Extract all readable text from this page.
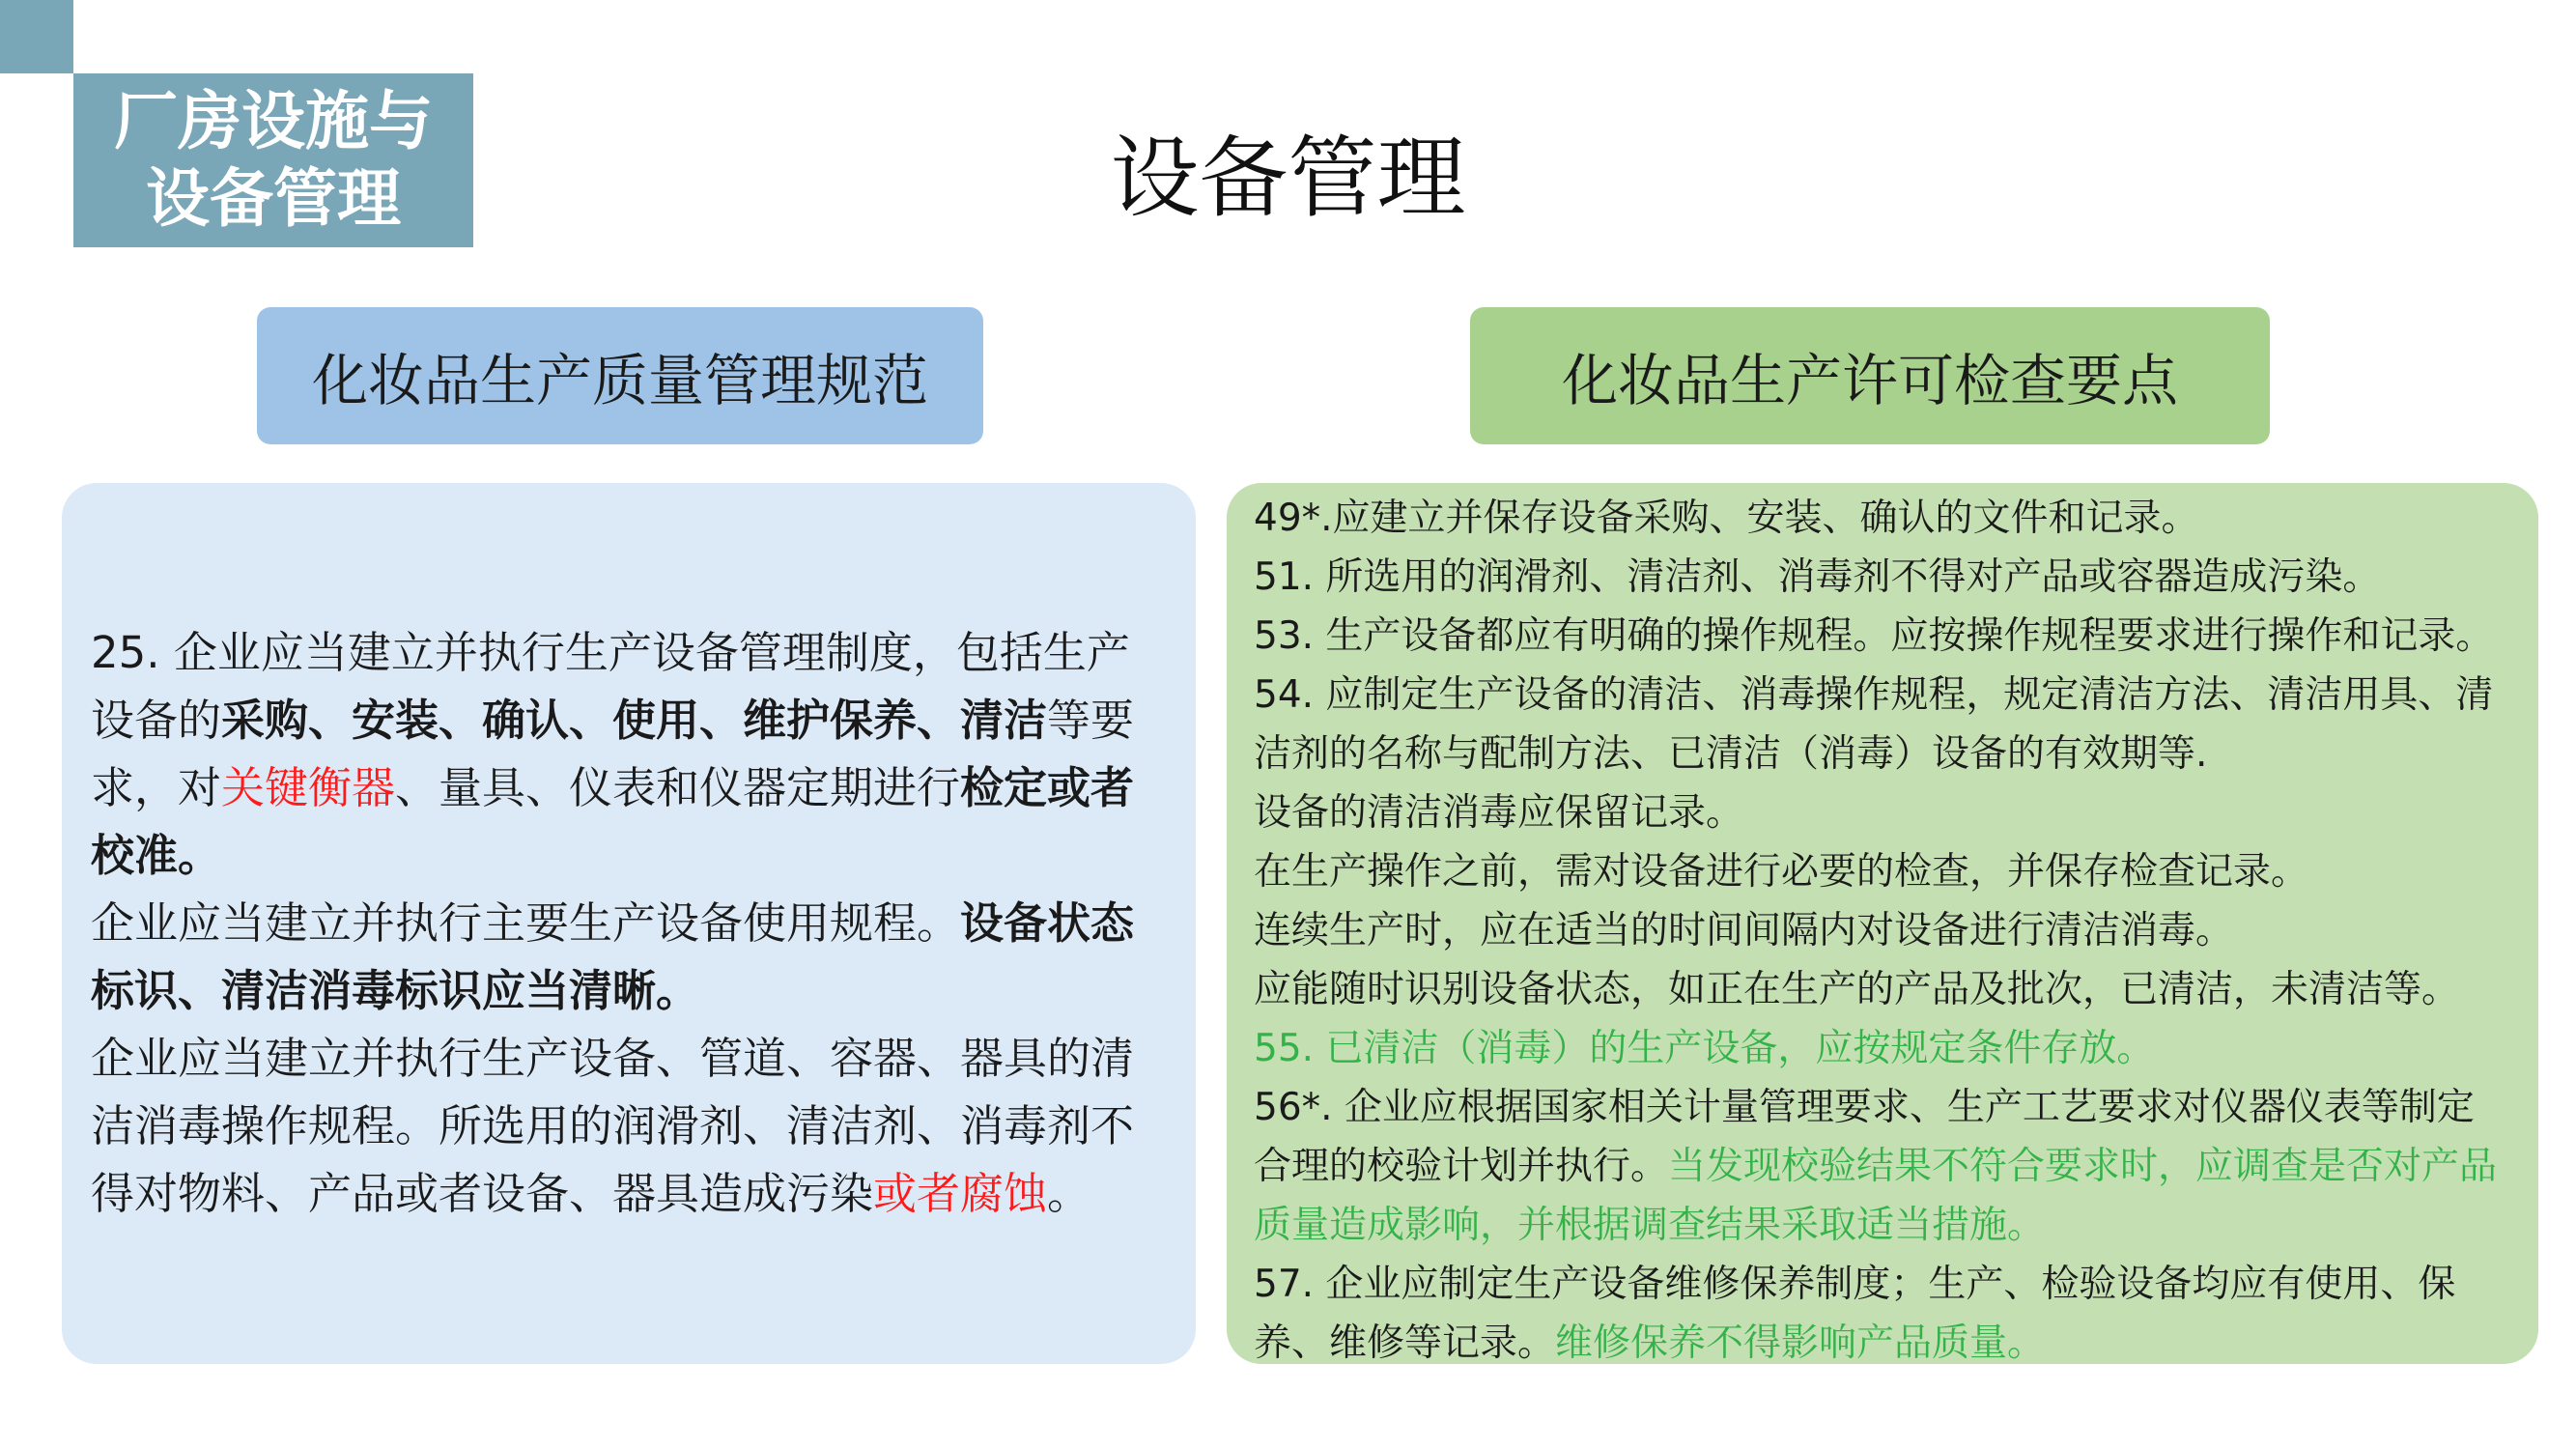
厂房设施与
设备管理	设备管理
化妆品生产质量管理规范	化妆品生产许可检查要点

25. 企业应当建立并执行生产设备管理制度，包括生产设备的采购、安装、确认、使用、维护保养、清洁等要求，对关键衡器、量具、仪表和仪器定期进行检定或者校准。

企业应当建立并执行主要生产设备使用规程。设备状态标识、清洁消毒标识应当清晰。

企业应当建立并执行生产设备、管道、容器、器具的清洁消毒操作规程。所选用的润滑剂、清洁剂、消毒剂不得对物料、产品或者设备、器具造成污染或者腐蚀。

49*.应建立并保存设备采购、安装、确认的文件和记录。

51. 所选用的润滑剂、清洁剂、消毒剂不得对产品或容器造成污染。

53. 生产设备都应有明确的操作规程。应按操作规程要求进行操作和记录。

54. 应制定生产设备的清洁、消毒操作规程，规定清洁方法、清洁用具、清洁剂的名称与配制方法、已清洁（消毒）设备的有效期等.

设备的清洁消毒应保留记录。

在生产操作之前，需对设备进行必要的检查，并保存检查记录。

连续生产时，应在适当的时间间隔内对设备进行清洁消毒。

应能随时识别设备状态，如正在生产的产品及批次，已清洁，未清洁等。

55. 已清洁（消毒）的生产设备，应按规定条件存放。

56*. 企业应根据国家相关计量管理要求、生产工艺要求对仪器仪表等制定合理的校验计划并执行。当发现校验结果不符合要求时，应调查是否对产品质量造成影响，并根据调查结果采取适当措施。

57. 企业应制定生产设备维修保养制度；生产、检验设备均应有使用、保养、维修等记录。维修保养不得影响产品质量。
